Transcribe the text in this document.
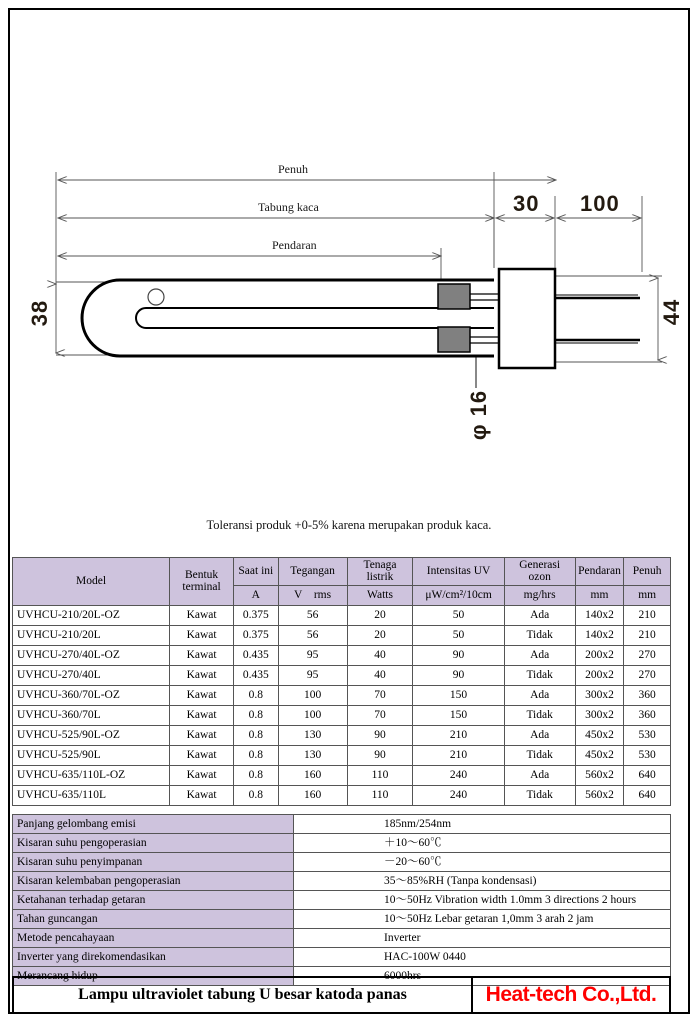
Penuh
Tabung kaca
Pendaran
30 100
38	44
φ 16
Toleransi produk +0-5% karena merupakan produk kaca.
Model	Bentuk terminal	Saat ini	Tegangan	Tenaga listrik	Intensitas UV	Generasi ozon	Pendaran	Penuh
		A	V rms	Watts	μW/cm²/10cm	mg/hrs	mm	mm
UVHCU-210/20L-OZ	Kawat	0.375	56	20	50	Ada	140x2	210
UVHCU-210/20L	Kawat	0.375	56	20	50	Tidak	140x2	210
UVHCU-270/40L-OZ	Kawat	0.435	95	40	90	Ada	200x2	270
UVHCU-270/40L	Kawat	0.435	95	40	90	Tidak	200x2	270
UVHCU-360/70L-OZ	Kawat	0.8	100	70	150	Ada	300x2	360
UVHCU-360/70L	Kawat	0.8	100	70	150	Tidak	300x2	360
UVHCU-525/90L-OZ	Kawat	0.8	130	90	210	Ada	450x2	530
UVHCU-525/90L	Kawat	0.8	130	90	210	Tidak	450x2	530
UVHCU-635/110L-OZ	Kawat	0.8	160	110	240	Ada	560x2	640
UVHCU-635/110L	Kawat	0.8	160	110	240	Tidak	560x2	640
Panjang gelombang emisi	185nm/254nm
Kisaran suhu pengoperasian	＋10～60℃
Kisaran suhu penyimpanan	－20～60℃
Kisaran kelembaban pengoperasian	35～85%RH (Tanpa kondensasi)
Ketahanan terhadap getaran	10～50Hz Vibration width 1.0mm 3 directions 2 hours
Tahan guncangan	10～50Hz Lebar getaran 1,0mm 3 arah 2 jam
Metode pencahayaan	Inverter
Inverter yang direkomendasikan	HAC-100W 0440
Merancang hidup	6000hrs
Lampu ultraviolet tabung U besar katoda panas	Heat-tech Co.,Ltd.
